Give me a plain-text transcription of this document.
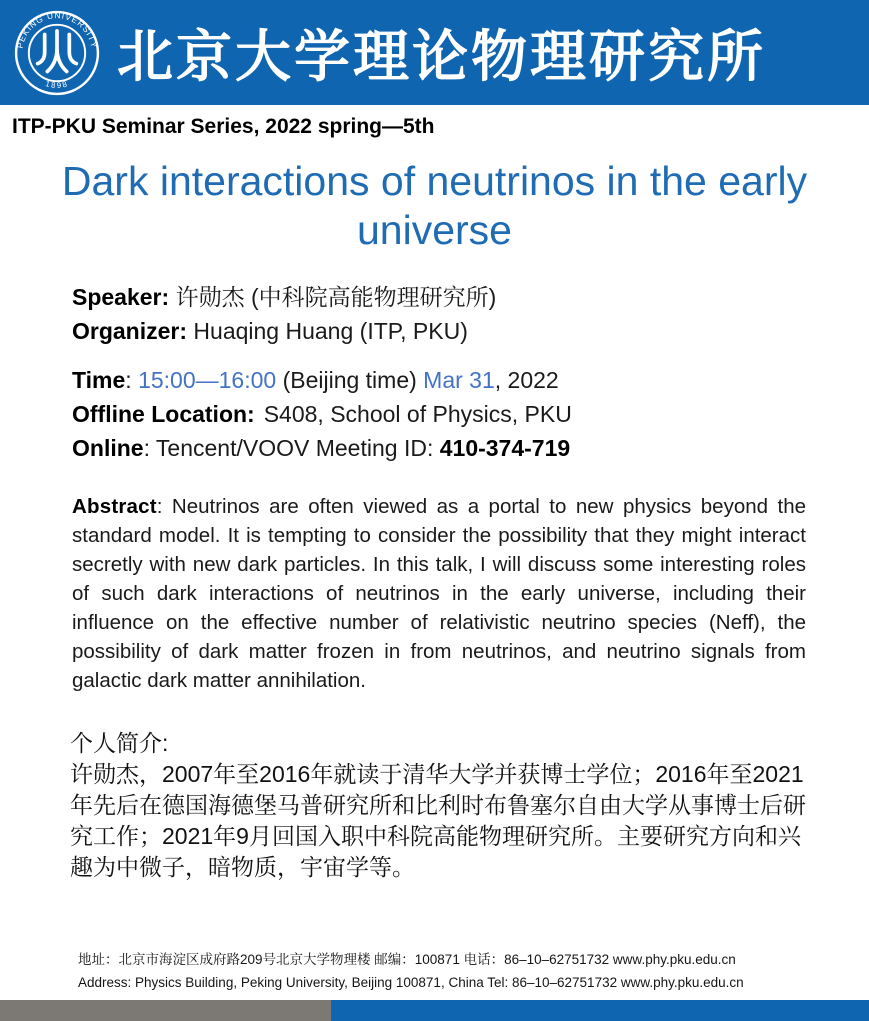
PEKING UNIVERSITY
1898 北京大学理论物理研究所
ITP-PKU Seminar Series, 2022 spring—5th
Dark interactions of neutrinos in the early
universe
Speaker: 许勋杰 (中科院高能物理研究所)
Organizer: Huaqing Huang (ITP, PKU)
Time: 15:00—16:00 (Beijing time) Mar 31, 2022
Offline Location: S408, School of Physics, PKU
Online: Tencent/VOOV Meeting ID: 410-374-719

Abstract: Neutrinos are often viewed as a portal to new physics beyond the standard model. It is tempting to consider the possibility that they might interact secretly with new dark particles. In this talk, I will discuss some interesting roles of such dark interactions of neutrinos in the early universe, including their influence on the effective number of relativistic neutrino species (Neff), the possibility of dark matter frozen in from neutrinos, and neutrino signals from galactic dark matter annihilation.

个人简介:
许勋杰，2007年至2016年就读于清华大学并获博士学位；2016年至2021年先后在德国海德堡马普研究所和比利时布鲁塞尔自由大学从事博士后研究工作；2021年9月回国入职中科院高能物理研究所。主要研究方向和兴趣为中微子，暗物质，宇宙学等。
地址：北京市海淀区成府路209号北京大学物理楼 邮编：100871 电话：86–10–62751732 www.phy.pku.edu.cn
Address: Physics Building, Peking University, Beijing 100871, China Tel: 86–10–62751732 www.phy.pku.edu.cn
